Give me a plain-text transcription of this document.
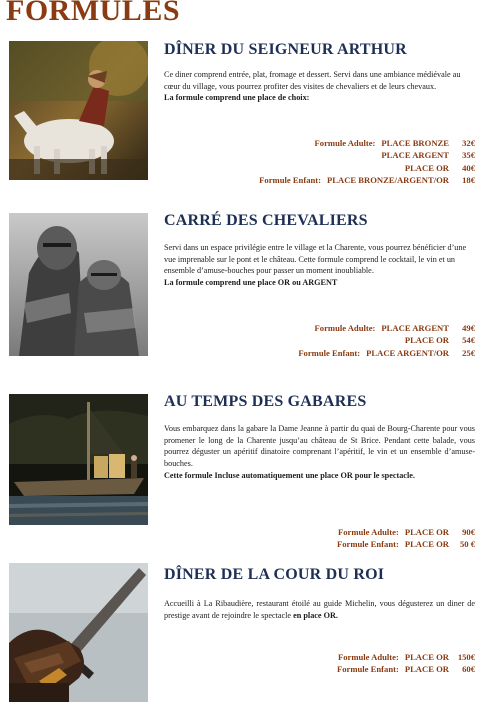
FORMULES
DÎNER DU SEIGNEUR ARTHUR

Ce diner comprend entrée, plat, fromage et dessert. Servi dans une ambiance médiévale au cœur du village, vous pourrez profiter des visites de chevaliers et de leurs chevaux.
La formule comprend une place de choix:

Formule Adulte: PLACE BRONZE	32€
PLACE ARGENT	35€
PLACE OR	40€
Formule Enfant: PLACE BRONZE/ARGENT/OR	18€
CARRÉ DES CHEVALIERS

Servi dans un espace privilégie entre le village et la Charente, vous pourrez bénéficier d’une vue imprenable sur le pont et le château. Cette formule comprend le cocktail, le vin et un ensemble d’amuse-bouches pour passer un moment inoubliable.
La formule comprend une place OR ou ARGENT

Formule Adulte: PLACE ARGENT	49€
PLACE OR	54€
Formule Enfant: PLACE ARGENT/OR	25€
AU TEMPS DES GABARES

Vous embarquez dans la gabare la Dame Jeanne à partir du quai de Bourg-Charente pour vous promener le long de la Charente jusqu’au château de St Brice. Pendant cette balade, vous pourrez déguster un apéritif dinatoire comprenant l’apéritif, le vin et un ensemble d’amuse-bouches.
Cette formule Incluse automatiquement une place OR pour le spectacle.

Formule Adulte: PLACE OR	90€
Formule Enfant: PLACE OR	50 €
DÎNER DE LA COUR DU ROI

Accueilli à La Ribaudière, restaurant étoilé au guide Michelin, vous dégusterez un diner de prestige avant de rejoindre le spectacle en place OR.

Formule Adulte: PLACE OR	150€
Formule Enfant: PLACE OR	60€
